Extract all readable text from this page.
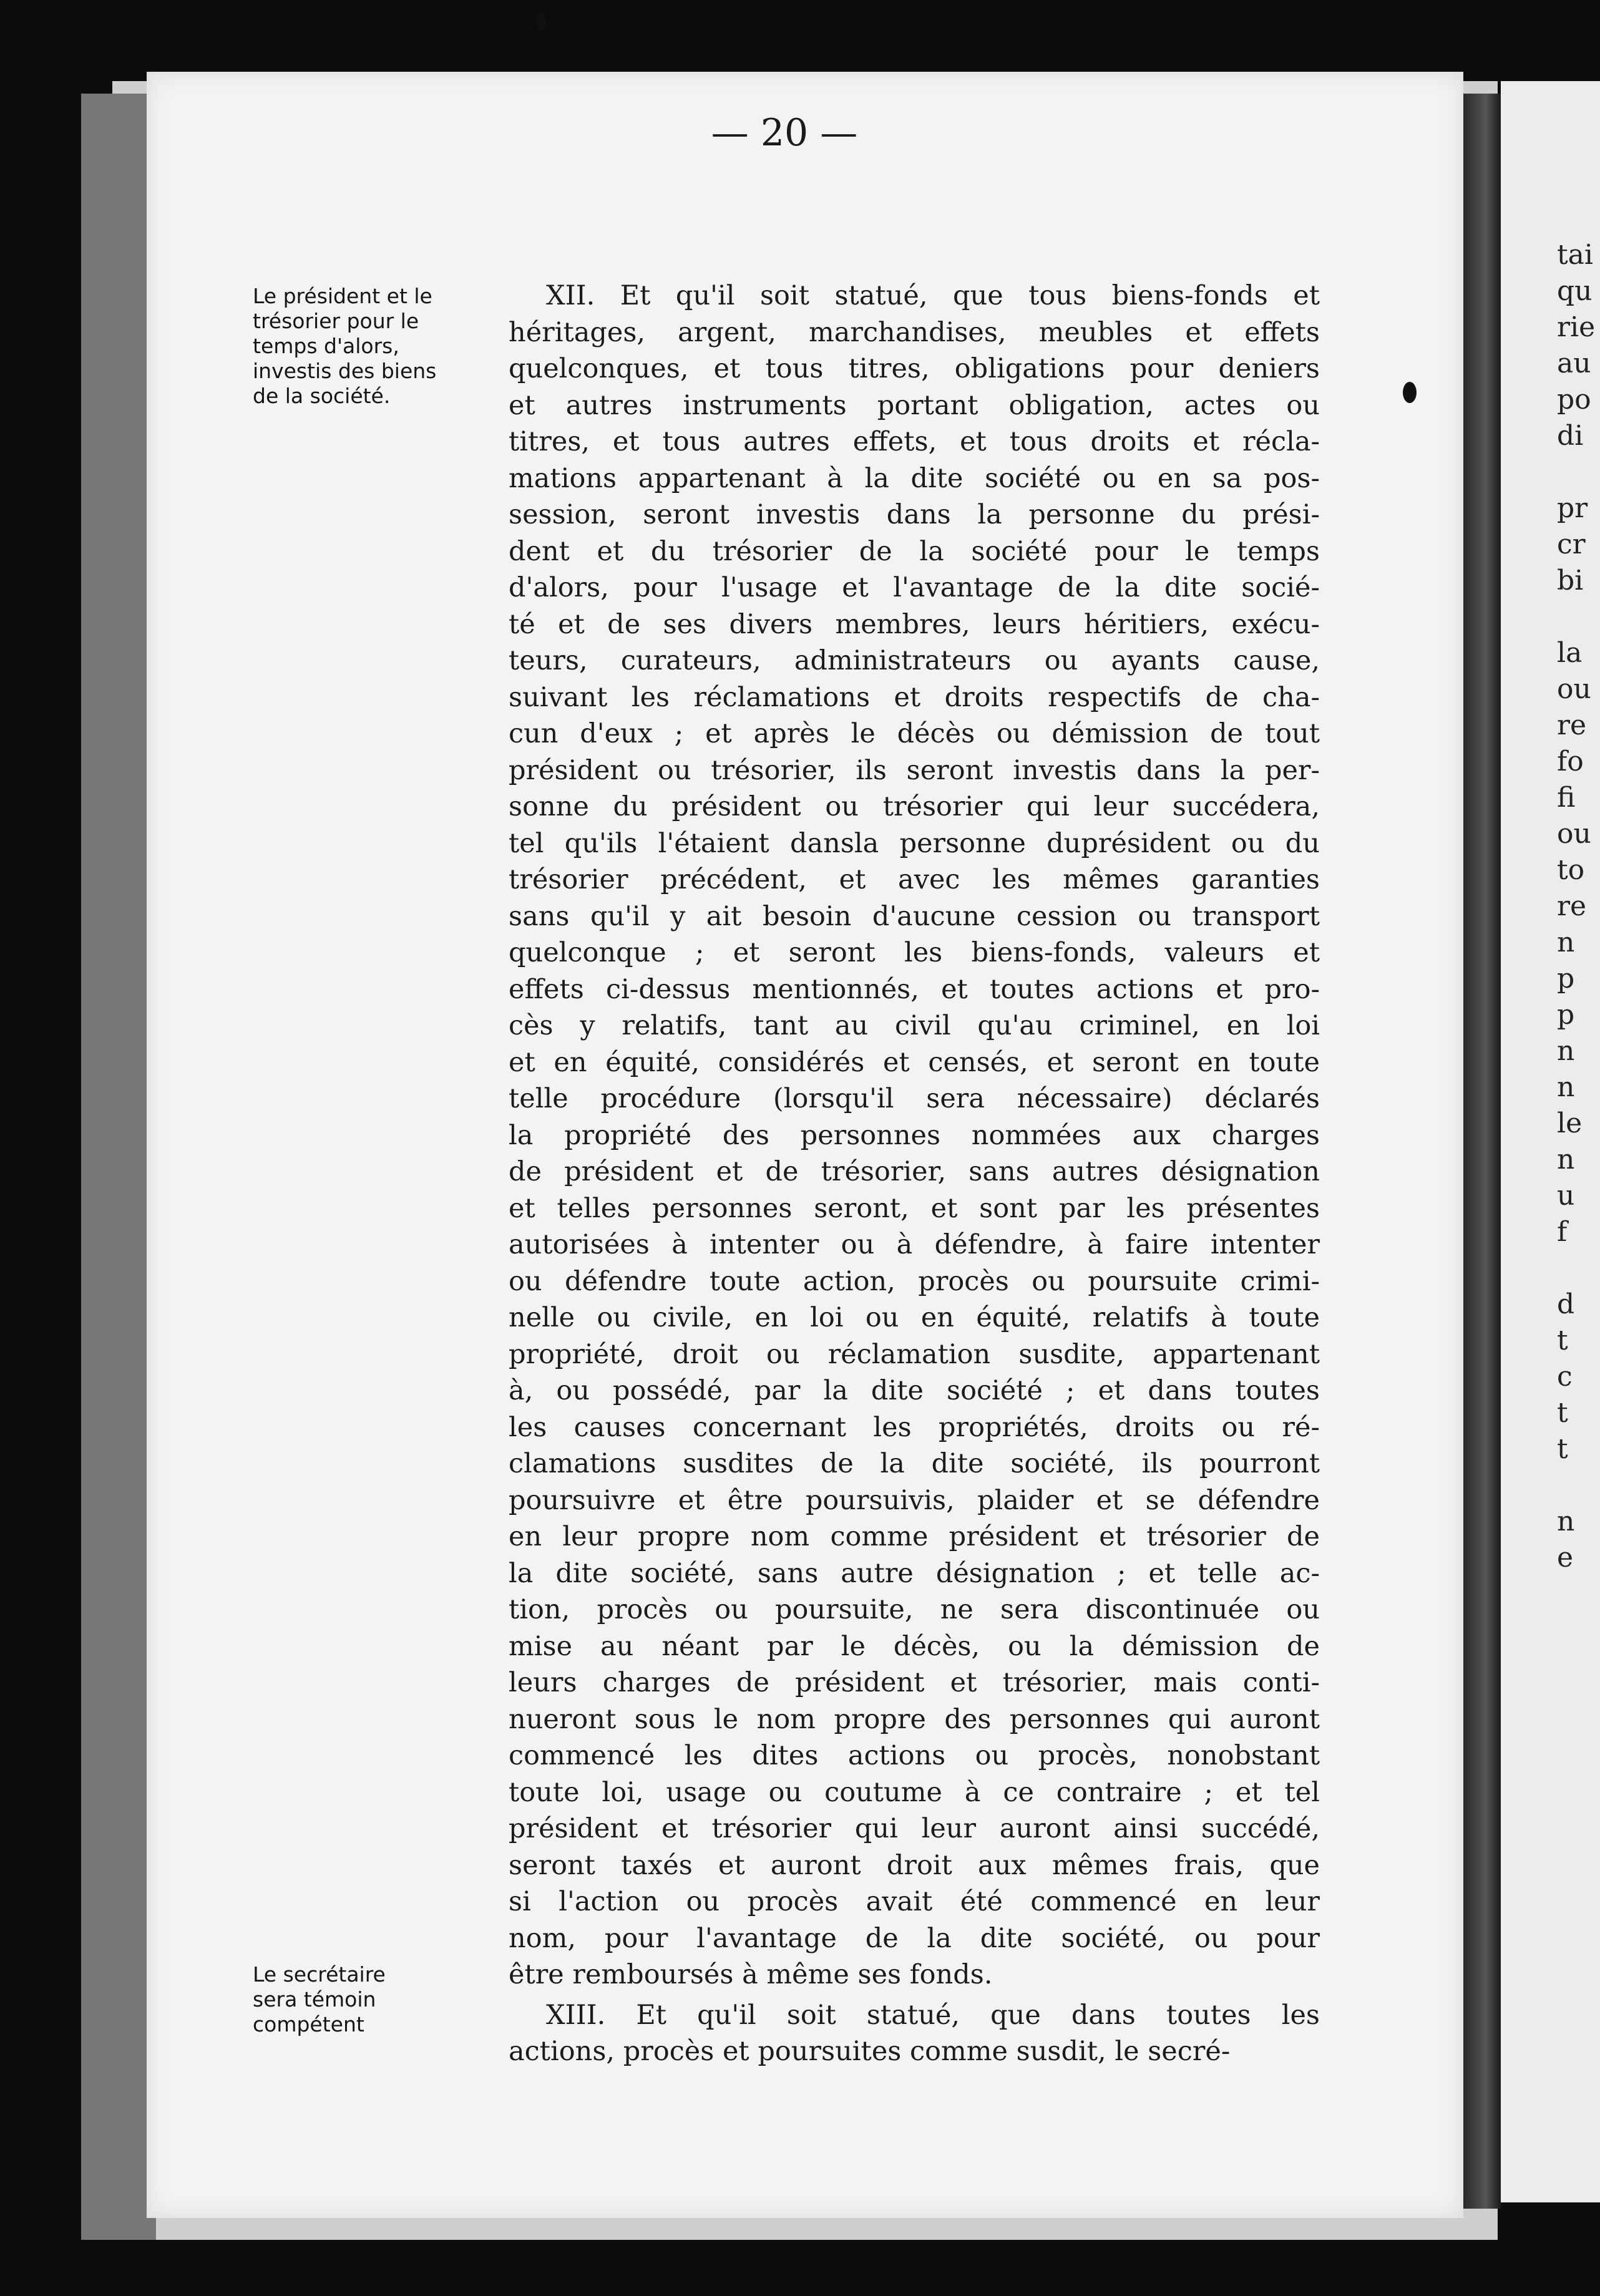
tai
qu
rie
au
po
di

pr
cr
bi

la
ou
re
fo
fi
ou
to
re
n
p
p
n
n
le
n
u
f

d
t
c
t
t

n
e
— 20 —
Le président et le
trésorier pour le
temps d'alors,
investis des biens
de la société.
Le secrétaire
sera témoin
compétent
XII. Et qu'il soit statué, que tous biens-fonds et
héritages, argent, marchandises, meubles et effets
quelconques, et tous titres, obligations pour deniers
et autres instruments portant obligation, actes ou
titres, et tous autres effets, et tous droits et récla-
mations appartenant à la dite société ou en sa pos-
session, seront investis dans la personne du prési-
dent et du trésorier de la société pour le temps
d'alors, pour l'usage et l'avantage de la dite socié-
té et de ses divers membres, leurs héritiers, exécu-
teurs, curateurs, administrateurs ou ayants cause,
suivant les réclamations et droits respectifs de cha-
cun d'eux ; et après le décès ou démission de tout
président ou trésorier, ils seront investis dans la per-
sonne du président ou trésorier qui leur succédera,
tel qu'ils l'étaient dansla personne duprésident ou du
trésorier précédent, et avec les mêmes garanties
sans qu'il y ait besoin d'aucune cession ou transport
quelconque ; et seront les biens-fonds, valeurs et
effets ci-dessus mentionnés, et toutes actions et pro-
cès y relatifs, tant au civil qu'au criminel, en loi
et en équité, considérés et censés, et seront en toute
telle procédure (lorsqu'il sera nécessaire) déclarés
la propriété des personnes nommées aux charges
de président et de trésorier, sans autres désignation
et telles personnes seront, et sont par les présentes
autorisées à intenter ou à défendre, à faire intenter
ou défendre toute action, procès ou poursuite crimi-
nelle ou civile, en loi ou en équité, relatifs à toute
propriété, droit ou réclamation susdite, appartenant
à, ou possédé, par la dite société ; et dans toutes
les causes concernant les propriétés, droits ou ré-
clamations susdites de la dite société, ils pourront
poursuivre et être poursuivis, plaider et se défendre
en leur propre nom comme président et trésorier de
la dite société, sans autre désignation ; et telle ac-
tion, procès ou poursuite, ne sera discontinuée ou
mise au néant par le décès, ou la démission de
leurs charges de président et trésorier, mais conti-
nueront sous le nom propre des personnes qui auront
commencé les dites actions ou procès, nonobstant
toute loi, usage ou coutume à ce contraire ; et tel
président et trésorier qui leur auront ainsi succédé,
seront taxés et auront droit aux mêmes frais, que
si l'action ou procès avait été commencé en leur
nom, pour l'avantage de la dite société, ou pour
être remboursés à même ses fonds.
XIII. Et qu'il soit statué, que dans toutes les
actions, procès et poursuites comme susdit, le secré-
